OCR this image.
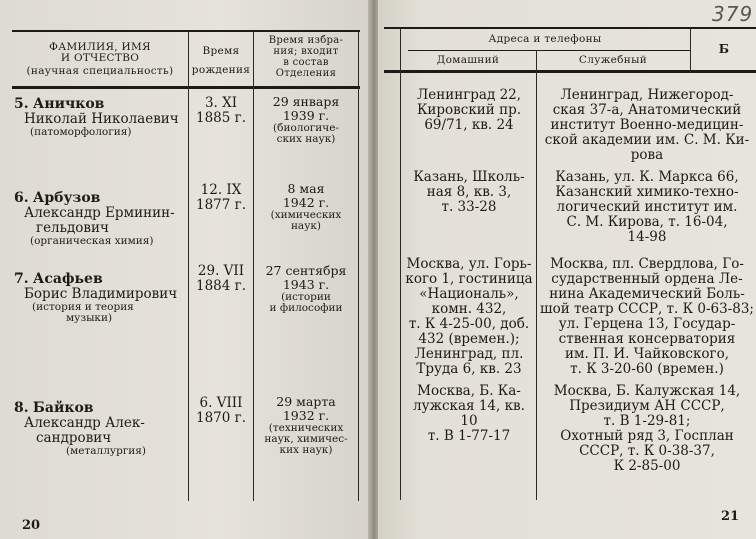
ФАМИЛИЯ, ИМЯ
И ОТЧЕСТВО
(научная специальность)
Время
рождения
Время избра-
ния; входит
в состав
Отделения
5. Аничков
Николай Николаевич
(патоморфология)
3. XI
1885 г.
29 января
1939 г.
(биологиче-
ских наук)
6. Арбузов
Александр Ерминин-
гельдович
(органическая химия)
12. IX
1877 г.
8 мая
1942 г.
(химических
наук)
7. Асафьев
Борис Владимирович
(история и теория
музыки)
29. VII
1884 г.
27 сентября
1943 г.
(истории
и философии
8. Байков
Александр Алек-
сандрович
(металлургия)
6. VIII
1870 г.
29 марта
1932 г.
(технических
наук, химичес-
ких наук)
20
379
Адреса и телефоны
Домашний	Служебный
Б
Ленинград 22,
Кировский пр.
69/71, кв. 24
Ленинград, Нижегород-
ская 37-а, Анатомический
институт Военно-медицин-
ской академии им. С. М. Ки-
рова
Казань, Школь-
ная 8, кв. 3,
т. 33-28
Казань, ул. К. Маркса 66,
Казанский химико-техно-
логический институт им.
С. М. Кирова, т. 16-04,
14-98
Москва, ул. Горь-
кого 1, гостиница
«Националь»,
комн. 432,
т. К 4-25-00, доб.
432 (времен.);
Ленинград, пл.
Труда 6, кв. 23
Москва, пл. Свердлова, Го-
сударственный ордена Ле-
нина Академический Боль-
шой театр СССР, т. К 0-63-83;
ул. Герцена 13, Государ-
ственная консерватория
им. П. И. Чайковского,
т. К 3-20-60 (времен.)
Москва, Б. Ка-
лужская 14, кв. 10
т. В 1-77-17
Москва, Б. Калужская 14,
Президиум АН СССР,
т. В 1-29-81;
Охотный ряд 3, Госплан
СССР, т. К 0-38-37,
К 2-85-00
21
